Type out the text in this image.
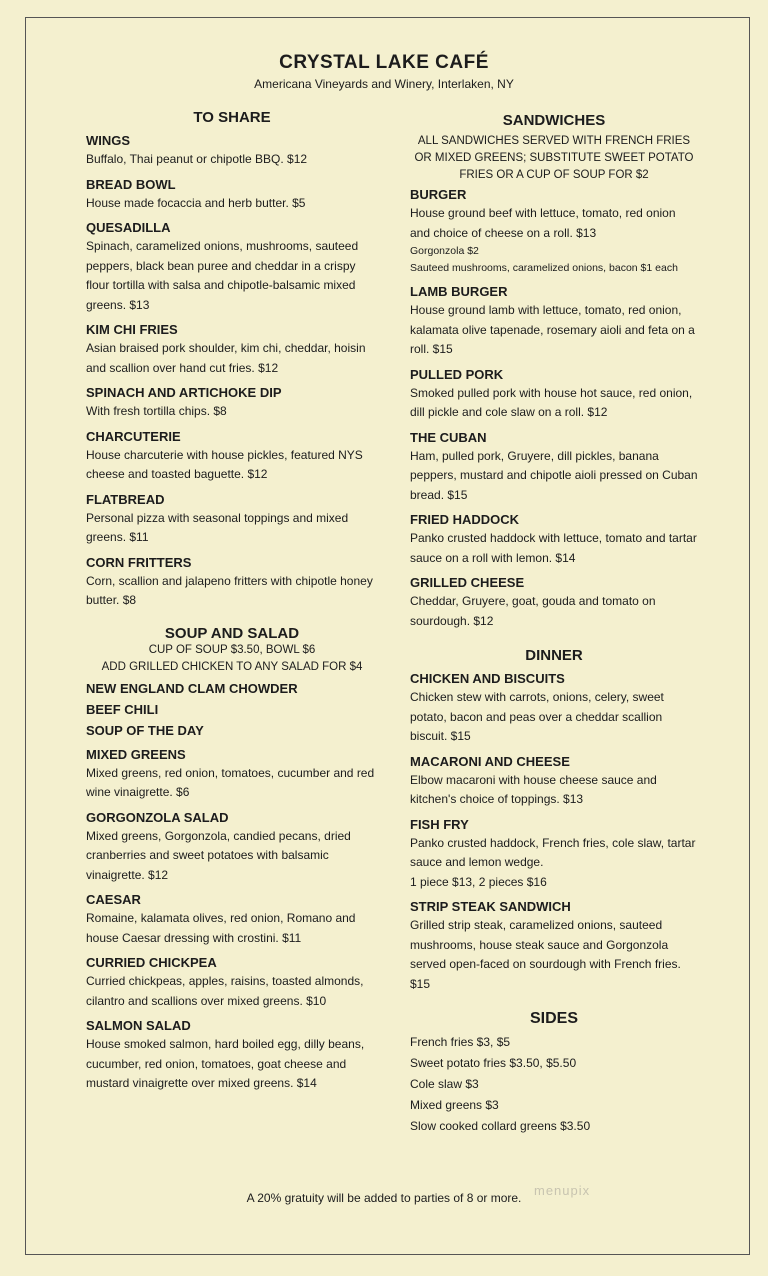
CRYSTAL LAKE CAFÉ
Americana Vineyards and Winery, Interlaken, NY
TO SHARE
WINGS
Buffalo, Thai peanut or chipotle BBQ. $12
BREAD BOWL
House made focaccia and herb butter. $5
QUESADILLA
Spinach, caramelized onions, mushrooms, sauteed peppers, black bean puree and cheddar in a crispy flour tortilla with salsa and chipotle-balsamic mixed greens. $13
KIM CHI FRIES
Asian braised pork shoulder, kim chi, cheddar, hoisin and scallion over hand cut fries. $12
SPINACH AND ARTICHOKE DIP
With fresh tortilla chips. $8
CHARCUTERIE
House charcuterie with house pickles, featured NYS cheese and toasted baguette. $12
FLATBREAD
Personal pizza with seasonal toppings and mixed greens. $11
CORN FRITTERS
Corn, scallion and jalapeno fritters with chipotle honey butter. $8
SOUP AND SALAD
CUP OF SOUP $3.50, BOWL $6
ADD GRILLED CHICKEN TO ANY SALAD FOR $4
NEW ENGLAND CLAM CHOWDER
BEEF CHILI
SOUP OF THE DAY
MIXED GREENS
Mixed greens, red onion, tomatoes, cucumber and red wine vinaigrette. $6
GORGONZOLA SALAD
Mixed greens, Gorgonzola, candied pecans, dried cranberries and sweet potatoes with balsamic vinaigrette. $12
CAESAR
Romaine, kalamata olives, red onion, Romano and house Caesar dressing with crostini. $11
CURRIED CHICKPEA
Curried chickpeas, apples, raisins, toasted almonds, cilantro and scallions over mixed greens. $10
SALMON SALAD
House smoked salmon, hard boiled egg, dilly beans, cucumber, red onion, tomatoes, goat cheese and mustard vinaigrette over mixed greens. $14
SANDWICHES
ALL SANDWICHES SERVED WITH FRENCH FRIES OR MIXED GREENS; SUBSTITUTE SWEET POTATO FRIES OR A CUP OF SOUP FOR $2
BURGER
House ground beef with lettuce, tomato, red onion and choice of cheese on a roll. $13
Gorgonzola $2
Sauteed mushrooms, caramelized onions, bacon $1 each
LAMB BURGER
House ground lamb with lettuce, tomato, red onion, kalamata olive tapenade, rosemary aioli and feta on a roll. $15
PULLED PORK
Smoked pulled pork with house hot sauce, red onion, dill pickle and cole slaw on a roll. $12
THE CUBAN
Ham, pulled pork, Gruyere, dill pickles, banana peppers, mustard and chipotle aioli pressed on Cuban bread. $15
FRIED HADDOCK
Panko crusted haddock with lettuce, tomato and tartar sauce on a roll with lemon. $14
GRILLED CHEESE
Cheddar, Gruyere, goat, gouda and tomato on sourdough. $12
DINNER
CHICKEN AND BISCUITS
Chicken stew with carrots, onions, celery, sweet potato, bacon and peas over a cheddar scallion biscuit. $15
MACARONI AND CHEESE
Elbow macaroni with house cheese sauce and kitchen's choice of toppings. $13
FISH FRY
Panko crusted haddock, French fries, cole slaw, tartar sauce and lemon wedge.
1 piece $13, 2 pieces $16
STRIP STEAK SANDWICH
Grilled strip steak, caramelized onions, sauteed mushrooms, house steak sauce and Gorgonzola served open-faced on sourdough with French fries. $15
SIDES
French fries $3, $5
Sweet potato fries $3.50, $5.50
Cole slaw $3
Mixed greens $3
Slow cooked collard greens $3.50
A 20% gratuity will be added to parties of 8 or more. menupix
